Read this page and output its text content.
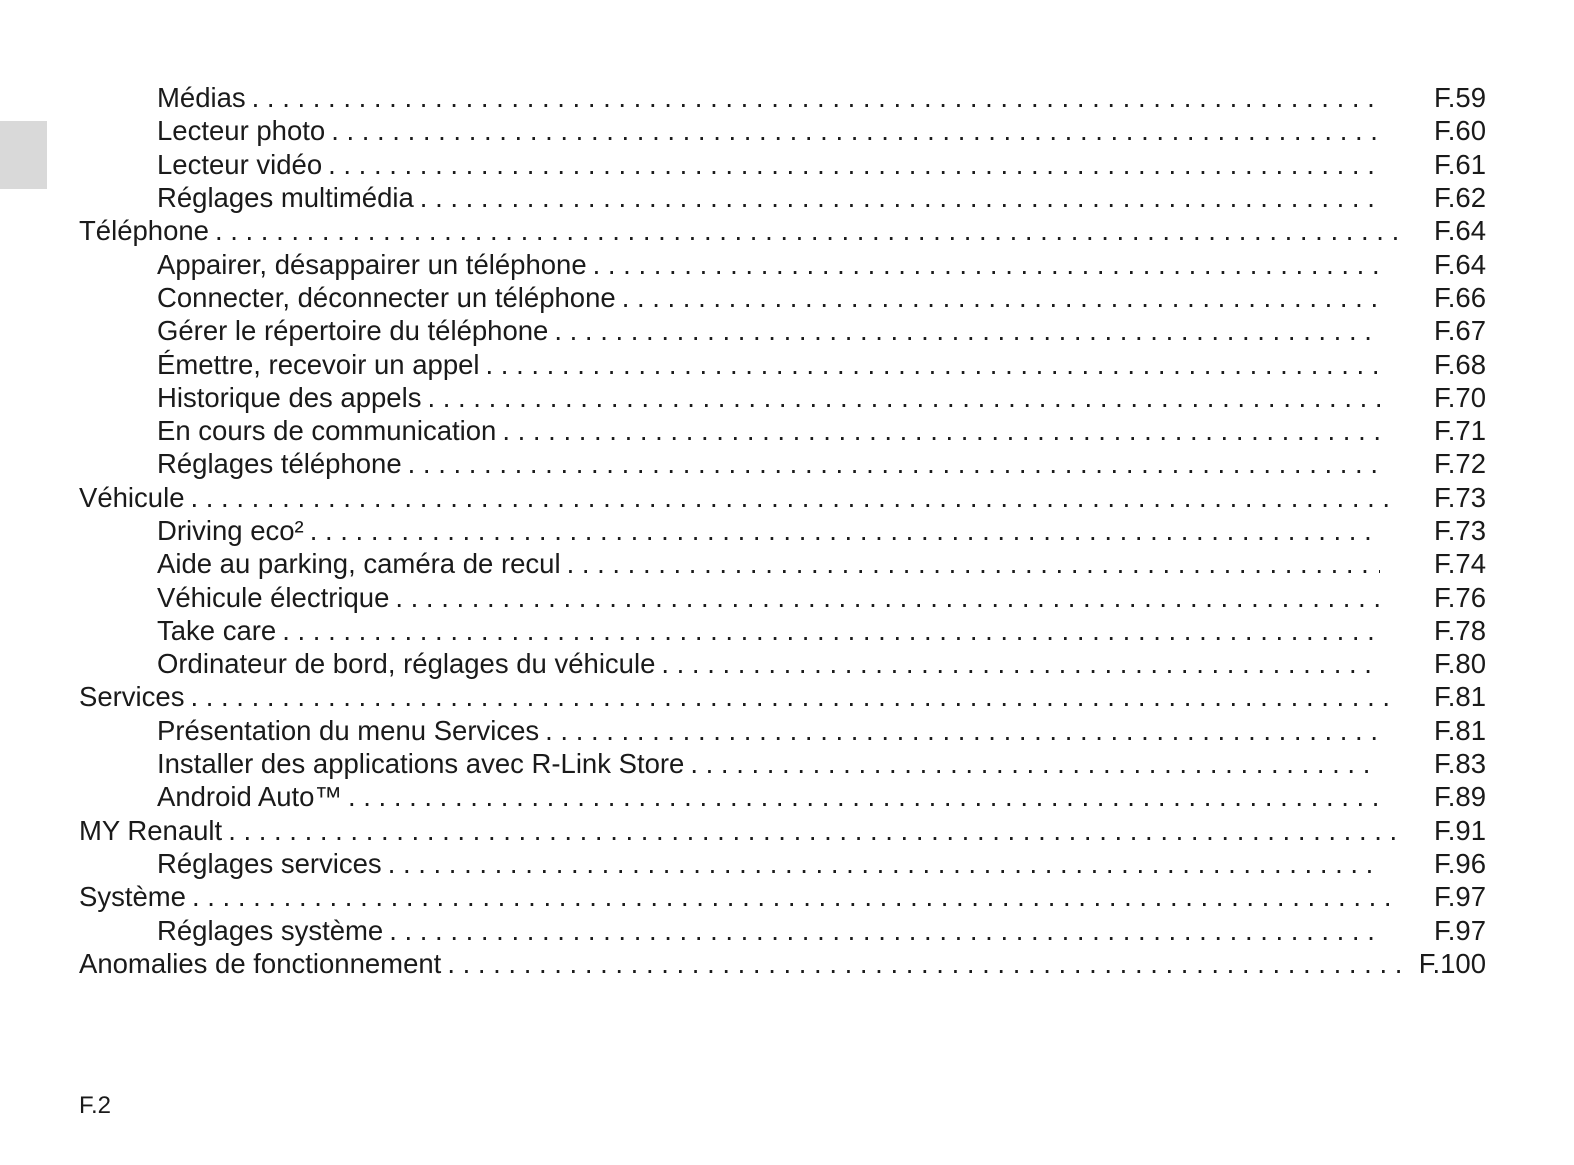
Médias . . .	F.59
Lecteur photo . . .	F.60
Lecteur vidéo . . .	F.61
Réglages multimédia . . .	F.62
Téléphone . . .	F.64
Appairer, désappairer un téléphone . . .	F.64
Connecter, déconnecter un téléphone . . .	F.66
Gérer le répertoire du téléphone . . .	F.67
Émettre, recevoir un appel . . .	F.68
Historique des appels . . .	F.70
En cours de communication . . .	F.71
Réglages téléphone . . .	F.72
Véhicule . . .	F.73
Driving eco² . . .	F.73
Aide au parking, caméra de recul . . .	F.74
Véhicule électrique . . .	F.76
Take care . . .	F.78
Ordinateur de bord, réglages du véhicule . . .	F.80
Services . . .	F.81
Présentation du menu Services . . .	F.81
Installer des applications avec R-Link Store . . .	F.83
Android Auto™ . . .	F.89
MY Renault . . .	F.91
Réglages services . . .	F.96
Système . . .	F.97
Réglages système . . .	F.97
Anomalies de fonctionnement . . .	F.100
F.2
